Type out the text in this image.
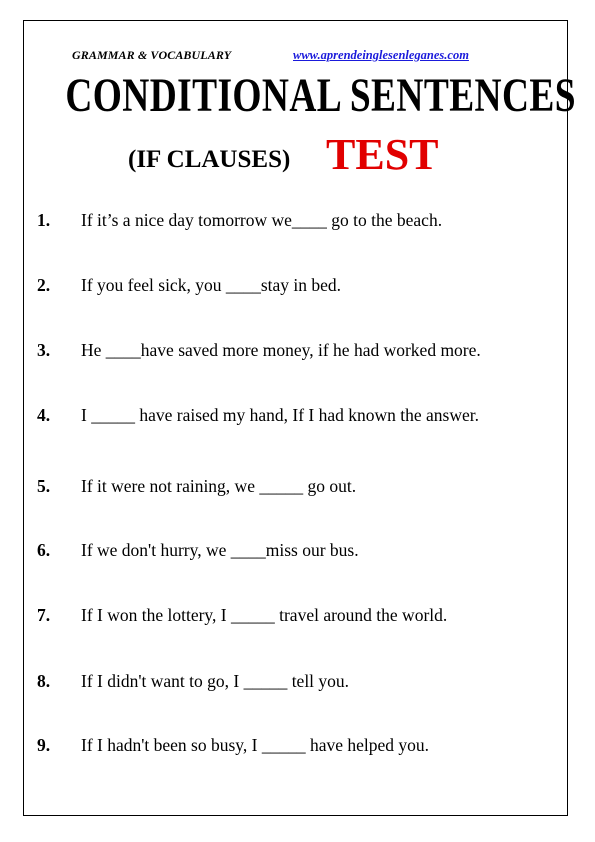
GRAMMAR & VOCABULARY	www.aprendeinglesenleganes.com
CONDITIONAL SENTENCES
(IF CLAUSES) TEST
1. If it’s a nice day tomorrow we____ go to the beach.
2. If you feel sick, you ____stay in bed.
3. He ____have saved more money, if he had worked more.
4. I _____ have raised my hand, If I had known the answer.
5. If it were not raining, we _____ go out.
6. If we don't hurry, we ____miss our bus.
7. If I won the lottery, I _____ travel around the world.
8. If I didn't want to go, I _____ tell you.
9. If I hadn't been so busy, I _____ have helped you.
